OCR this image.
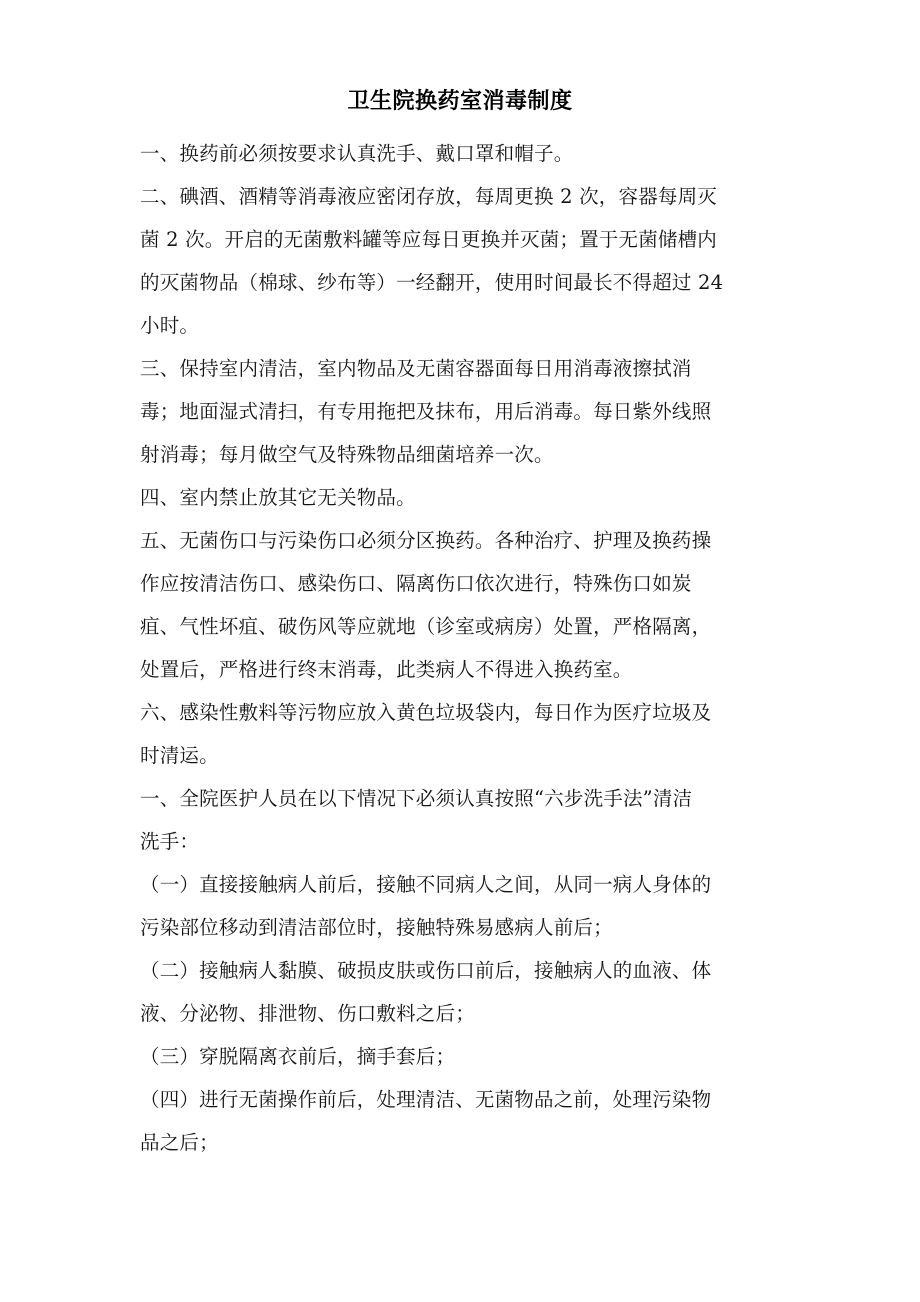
卫生院换药室消毒制度
一、换药前必须按要求认真洗手、戴口罩和帽子。
二、碘酒、酒精等消毒液应密闭存放，每周更换 2 次，容器每周灭
菌 2 次。开启的无菌敷料罐等应每日更换并灭菌；置于无菌储槽内
的灭菌物品（棉球、纱布等）一经翻开，使用时间最长不得超过 24
小时。
三、保持室内清洁，室内物品及无菌容器面每日用消毒液擦拭消
毒；地面湿式清扫，有专用拖把及抹布，用后消毒。每日紫外线照
射消毒；每月做空气及特殊物品细菌培养一次。
四、室内禁止放其它无关物品。
五、无菌伤口与污染伤口必须分区换药。各种治疗、护理及换药操
作应按清洁伤口、感染伤口、隔离伤口依次进行，特殊伤口如炭
疽、气性坏疽、破伤风等应就地（诊室或病房）处置，严格隔离，
处置后，严格进行终末消毒，此类病人不得进入换药室。
六、感染性敷料等污物应放入黄色垃圾袋内，每日作为医疗垃圾及
时清运。
一、全院医护人员在以下情况下必须认真按照“六步洗手法”清洁
洗手：
（一）直接接触病人前后，接触不同病人之间，从同一病人身体的
污染部位移动到清洁部位时，接触特殊易感病人前后；
（二）接触病人黏膜、破损皮肤或伤口前后，接触病人的血液、体
液、分泌物、排泄物、伤口敷料之后；
（三）穿脱隔离衣前后，摘手套后；
（四）进行无菌操作前后，处理清洁、无菌物品之前，处理污染物
品之后；
